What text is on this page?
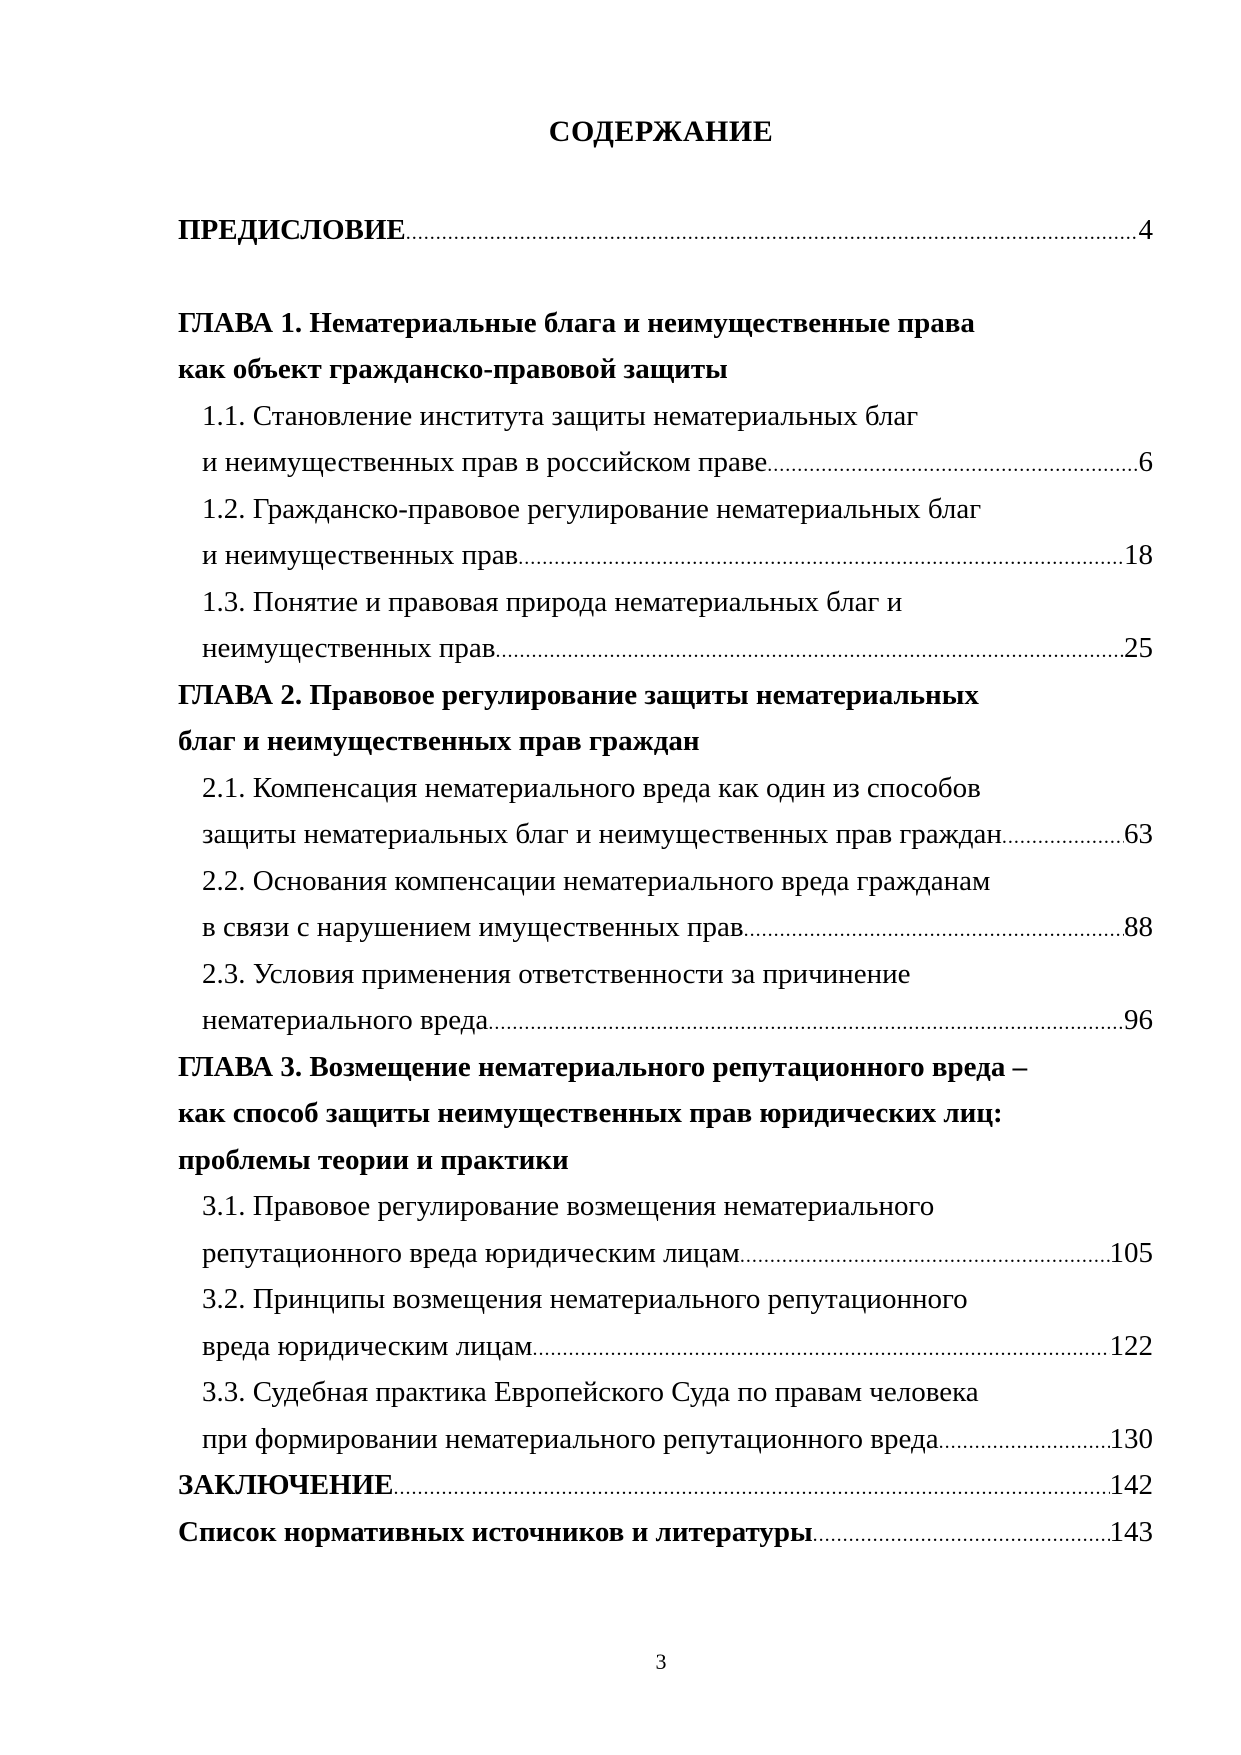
СОДЕРЖАНИЕ
ПРЕДИСЛОВИЕ .....	4
ГЛАВА 1. Нематериальные блага и неимущественные права
как объект гражданско-правовой защиты
1.1. Становление института защиты нематериальных благ
и неимущественных прав в российском праве .....	6
1.2. Гражданско-правовое регулирование нематериальных благ
и неимущественных прав .....	18
1.3. Понятие и правовая природа нематериальных благ и
неимущественных прав .....	25
ГЛАВА 2. Правовое регулирование защиты нематериальных
благ и неимущественных прав граждан
2.1. Компенсация нематериального вреда как один из способов
защиты нематериальных благ и неимущественных прав граждан .....	63
2.2. Основания компенсации нематериального вреда гражданам
в связи с нарушением имущественных прав .....	88
2.3. Условия применения ответственности за причинение
нематериального вреда .....	96
ГЛАВА 3. Возмещение нематериального репутационного вреда –
как способ защиты неимущественных прав юридических лиц:
проблемы теории и практики
3.1. Правовое регулирование возмещения нематериального
репутационного вреда юридическим лицам .....	105
3.2. Принципы возмещения нематериального репутационного
вреда юридическим лицам .....	122
3.3. Судебная практика Европейского Суда по правам человека
при формировании нематериального репутационного вреда .....	130
ЗАКЛЮЧЕНИЕ .....	142
Список нормативных источников и литературы .....	143
3
